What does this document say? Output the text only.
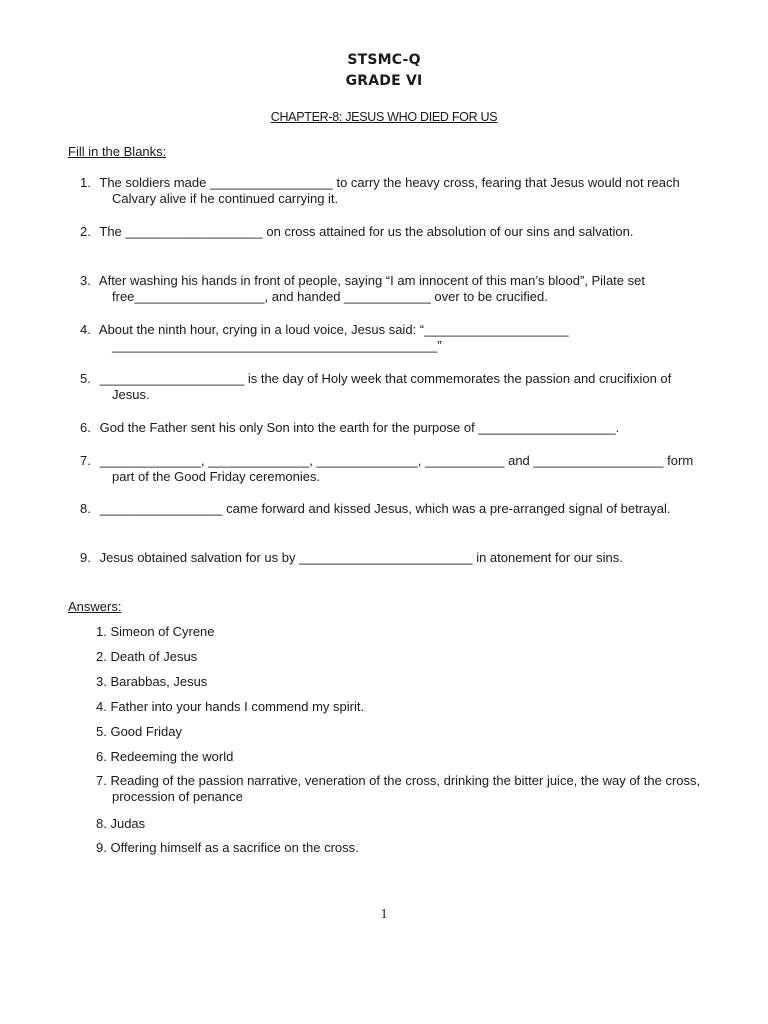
STSMC-Q
GRADE VI
CHAPTER-8: JESUS WHO DIED FOR US
Fill in the Blanks:
1. The soldiers made _________________ to carry the heavy cross, fearing that Jesus would not reach Calvary alive if he continued carrying it.
2. The ___________________ on cross attained for us the absolution of our sins and salvation.
3. After washing his hands in front of people, saying “I am innocent of this man’s blood”, Pilate set free__________________, and handed ____________ over to be crucified.
4. About the ninth hour, crying in a loud voice, Jesus said: “____________________ _____________________________________________”
5. ____________________ is the day of Holy week that commemorates the passion and crucifixion of Jesus.
6. God the Father sent his only Son into the earth for the purpose of ___________________.
7. ______________, ______________, ______________, ___________ and __________________ form part of the Good Friday ceremonies.
8. _________________ came forward and kissed Jesus, which was a pre-arranged signal of betrayal.
9. Jesus obtained salvation for us by ________________________ in atonement for our sins.
Answers:
1. Simeon of Cyrene
2. Death of Jesus
3. Barabbas, Jesus
4. Father into your hands I commend my spirit.
5. Good Friday
6. Redeeming the world
7. Reading of the passion narrative, veneration of the cross, drinking the bitter juice, the way of the cross, procession of penance
8. Judas
9. Offering himself as a sacrifice on the cross.
1
